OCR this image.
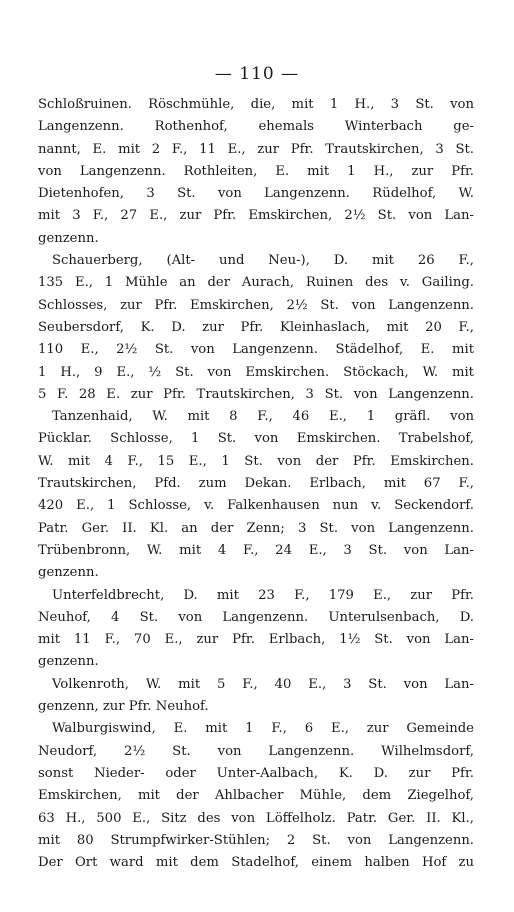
— 110 —
Schloßruinen. Röschmühle, die, mit 1 H., 3 St. von
Langenzenn. Rothenhof, ehemals Winterbach ge-
nannt, E. mit 2 F., 11 E., zur Pfr. Trautskirchen, 3 St.
von Langenzenn. Rothleiten, E. mit 1 H., zur Pfr.
Dietenhofen, 3 St. von Langenzenn. Rüdelhof, W.
mit 3 F., 27 E., zur Pfr. Emskirchen, 2½ St. von Lan-
genzenn.
Schauerberg, (Alt- und Neu-), D. mit 26 F.,
135 E., 1 Mühle an der Aurach, Ruinen des v. Gailing.
Schlosses, zur Pfr. Emskirchen, 2½ St. von Langenzenn.
Seubersdorf, K. D. zur Pfr. Kleinhaslach, mit 20 F.,
110 E., 2½ St. von Langenzenn. Städelhof, E. mit
1 H., 9 E., ½ St. von Emskirchen. Stöckach, W. mit
5 F. 28 E. zur Pfr. Trautskirchen, 3 St. von Langenzenn.
Tanzenhaid, W. mit 8 F., 46 E., 1 gräfl. von
Pücklar. Schlosse, 1 St. von Emskirchen. Trabelshof,
W. mit 4 F., 15 E., 1 St. von der Pfr. Emskirchen.
Trautskirchen, Pfd. zum Dekan. Erlbach, mit 67 F.,
420 E., 1 Schlosse, v. Falkenhausen nun v. Seckendorf.
Patr. Ger. II. Kl. an der Zenn; 3 St. von Langenzenn.
Trübenbronn, W. mit 4 F., 24 E., 3 St. von Lan-
genzenn.
Unterfeldbrecht, D. mit 23 F., 179 E., zur Pfr.
Neuhof, 4 St. von Langenzenn. Unterulsenbach, D.
mit 11 F., 70 E., zur Pfr. Erlbach, 1½ St. von Lan-
genzenn.
Volkenroth, W. mit 5 F., 40 E., 3 St. von Lan-
genzenn, zur Pfr. Neuhof.
Walburgiswind, E. mit 1 F., 6 E., zur Gemeinde
Neudorf, 2½ St. von Langenzenn. Wilhelmsdorf,
sonst Nieder- oder Unter-Aalbach, K. D. zur Pfr.
Emskirchen, mit der Ahlbacher Mühle, dem Ziegelhof,
63 H., 500 E., Sitz des von Löffelholz. Patr. Ger. II. Kl.,
mit 80 Strumpfwirker-Stühlen; 2 St. von Langenzenn.
Der Ort ward mit dem Stadelhof, einem halben Hof zu
